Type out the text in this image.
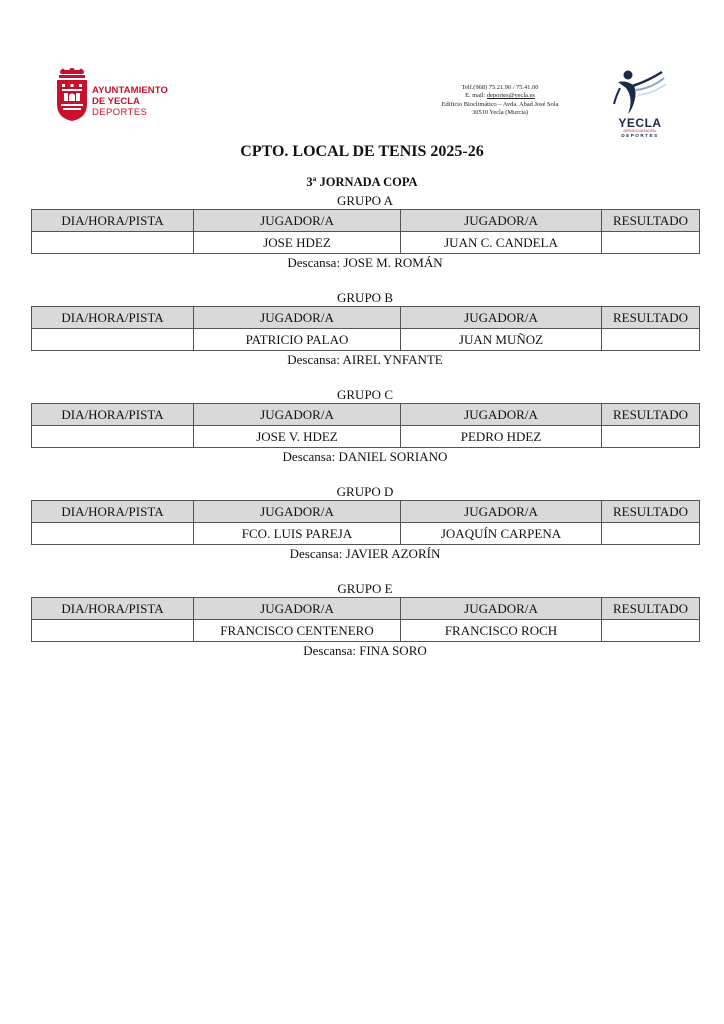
AYUNTAMIENTO
DE YECLA
DEPORTES
Telf.(968) 75.21.90 / 75.41.00
E. mail: deportes@yecla.es
Edificio Bioclimático – Avda. Abad José Sola
30510 Yecla (Murcia)
YECLA
SERVICIO MUNICIPAL
DEPORTES
CPTO. LOCAL DE TENIS 2025-26
3ª JORNADA COPA
GRUPO A
DIA/HORA/PISTA	JUGADOR/A	JUGADOR/A	RESULTADO
	JOSE HDEZ	JUAN C. CANDELA	
Descansa: JOSE M. ROMÁN
GRUPO B
DIA/HORA/PISTA	JUGADOR/A	JUGADOR/A	RESULTADO
	PATRICIO PALAO	JUAN MUÑOZ	
Descansa: AIREL YNFANTE
GRUPO C
DIA/HORA/PISTA	JUGADOR/A	JUGADOR/A	RESULTADO
	JOSE V. HDEZ	PEDRO HDEZ	
Descansa: DANIEL SORIANO
GRUPO D
DIA/HORA/PISTA	JUGADOR/A	JUGADOR/A	RESULTADO
	FCO. LUIS PAREJA	JOAQUÍN CARPENA	
Descansa: JAVIER AZORÍN
GRUPO E
DIA/HORA/PISTA	JUGADOR/A	JUGADOR/A	RESULTADO
	FRANCISCO CENTENERO	FRANCISCO ROCH	
Descansa: FINA SORO
